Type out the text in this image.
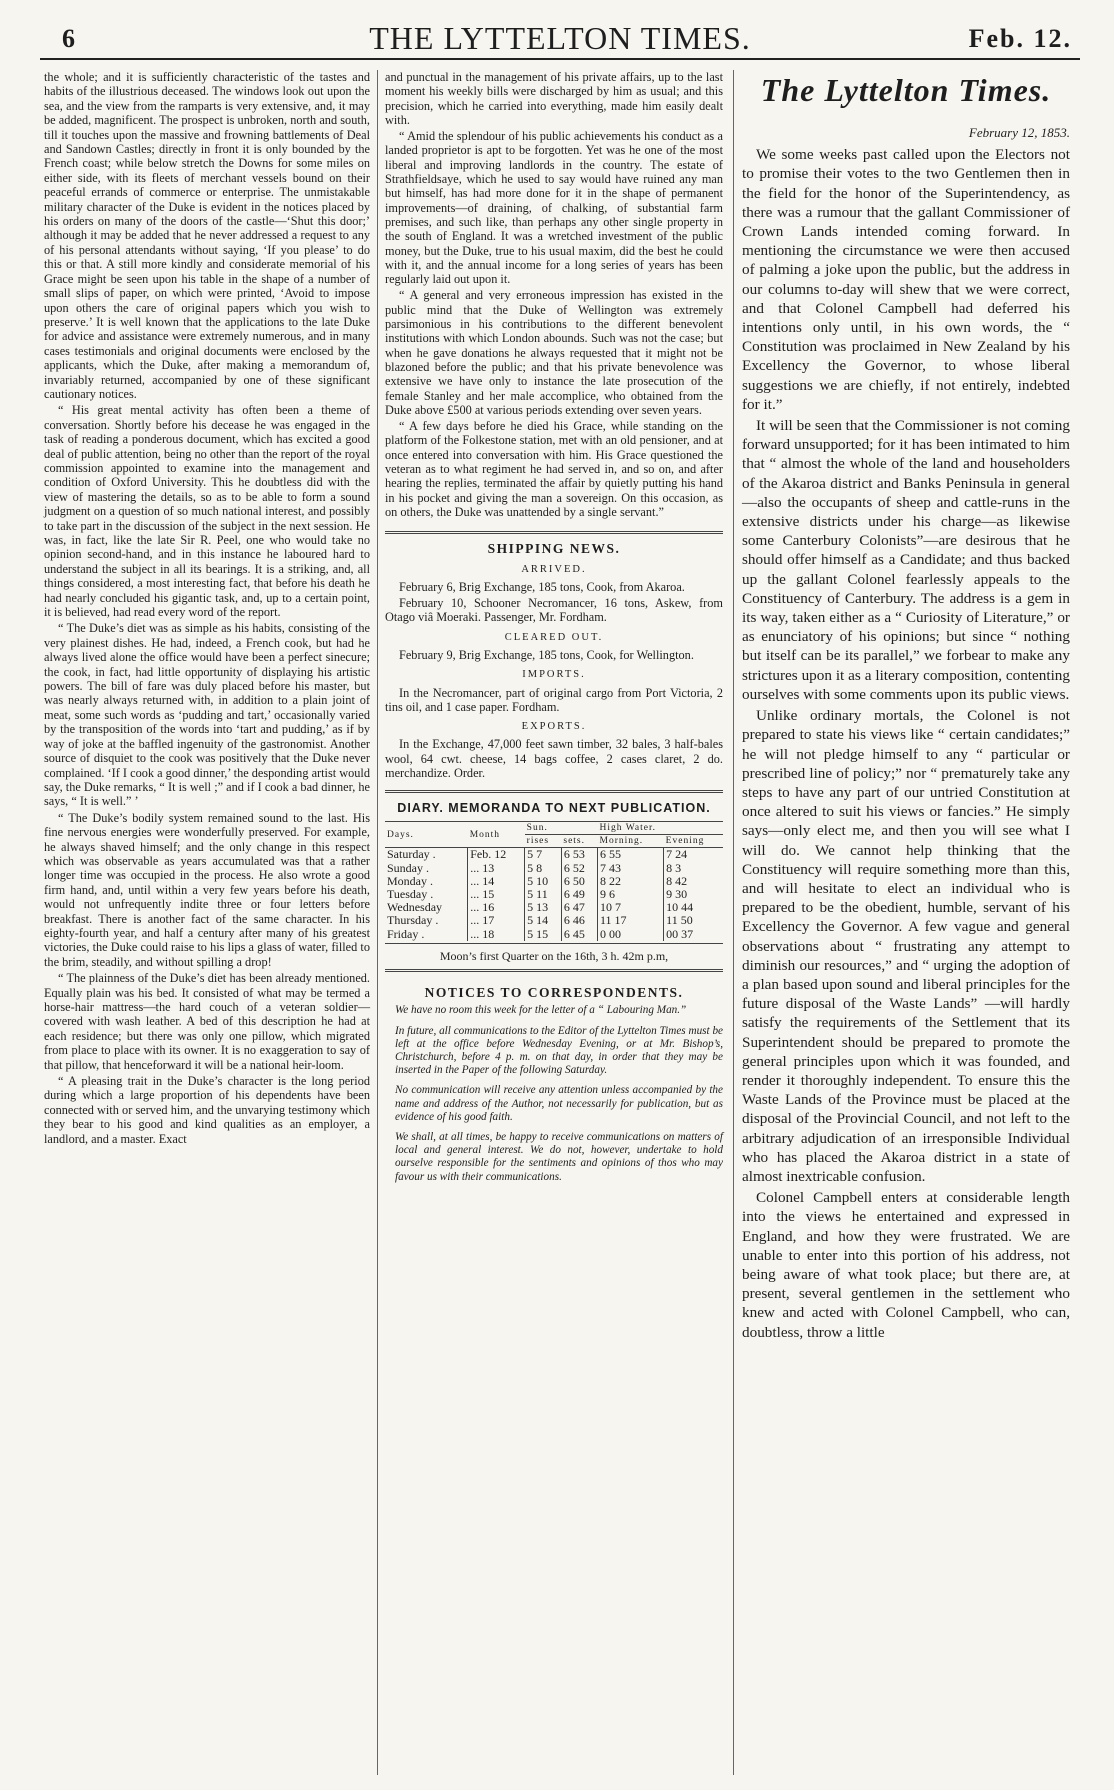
6	THE LYTTELTON TIMES.	Feb. 12.

the whole; and it is sufficiently characteristic of the tastes and habits of the illustrious deceased. The windows look out upon the sea, and the view from the ramparts is very extensive, and, it may be added, magnificent. The prospect is unbroken, north and south, till it touches upon the massive and frowning battlements of Deal and Sandown Castles; directly in front it is only bounded by the French coast; while below stretch the Downs for some miles on either side, with its fleets of merchant vessels bound on their peaceful errands of commerce or enterprise. The unmistakable military character of the Duke is evident in the notices placed by his orders on many of the doors of the castle—‘Shut this door;’ although it may be added that he never addressed a request to any of his personal attendants without saying, ‘If you please’ to do this or that. A still more kindly and considerate memorial of his Grace might be seen upon his table in the shape of a number of small slips of paper, on which were printed, ‘Avoid to impose upon others the care of original papers which you wish to preserve.’ It is well known that the applications to the late Duke for advice and assistance were extremely numerous, and in many cases testimonials and original documents were enclosed by the applicants, which the Duke, after making a memorandum of, invariably returned, accompanied by one of these significant cautionary notices.

“ His great mental activity has often been a theme of conversation. Shortly before his decease he was engaged in the task of reading a ponderous document, which has excited a good deal of public attention, being no other than the report of the royal commission appointed to examine into the management and condition of Oxford University. This he doubtless did with the view of mastering the details, so as to be able to form a sound judgment on a question of so much national interest, and possibly to take part in the discussion of the subject in the next session. He was, in fact, like the late Sir R. Peel, one who would take no opinion second-hand, and in this instance he laboured hard to understand the subject in all its bearings. It is a striking, and, all things considered, a most interesting fact, that before his death he had nearly concluded his gigantic task, and, up to a certain point, it is believed, had read every word of the report.

“ The Duke’s diet was as simple as his habits, consisting of the very plainest dishes. He had, indeed, a French cook, but had he always lived alone the office would have been a perfect sinecure; the cook, in fact, had little opportunity of displaying his artistic powers. The bill of fare was duly placed before his master, but was nearly always returned with, in addition to a plain joint of meat, some such words as ‘pudding and tart,’ occasionally varied by the transposition of the words into ‘tart and pudding,’ as if by way of joke at the baffled ingenuity of the gastronomist. Another source of disquiet to the cook was positively that the Duke never complained. ‘If I cook a good dinner,’ the desponding artist would say, the Duke remarks, “ It is well ;” and if I cook a bad dinner, he says, “ It is well.” ’

“ The Duke’s bodily system remained sound to the last. His fine nervous energies were wonderfully preserved. For example, he always shaved himself; and the only change in this respect which was observable as years accumulated was that a rather longer time was occupied in the process. He also wrote a good firm hand, and, until within a very few years before his death, would not unfrequently indite three or four letters before breakfast. There is another fact of the same character. In his eighty-fourth year, and half a century after many of his greatest victories, the Duke could raise to his lips a glass of water, filled to the brim, steadily, and without spilling a drop!

“ The plainness of the Duke’s diet has been already mentioned. Equally plain was his bed. It consisted of what may be termed a horse-hair mattress—the hard couch of a veteran soldier—covered with wash leather. A bed of this description he had at each residence; but there was only one pillow, which migrated from place to place with its owner. It is no exaggeration to say of that pillow, that henceforward it will be a national heir-loom.

“ A pleasing trait in the Duke’s character is the long period during which a large proportion of his dependents have been connected with or served him, and the unvarying testimony which they bear to his good and kind qualities as an employer, a landlord, and a master. Exact

and punctual in the management of his private affairs, up to the last moment his weekly bills were discharged by him as usual; and this precision, which he carried into everything, made him easily dealt with.

“ Amid the splendour of his public achievements his conduct as a landed proprietor is apt to be forgotten. Yet was he one of the most liberal and improving landlords in the country. The estate of Strathfieldsaye, which he used to say would have ruined any man but himself, has had more done for it in the shape of permanent improvements—of draining, of chalking, of substantial farm premises, and such like, than perhaps any other single property in the south of England. It was a wretched investment of the public money, but the Duke, true to his usual maxim, did the best he could with it, and the annual income for a long series of years has been regularly laid out upon it.

“ A general and very erroneous impression has existed in the public mind that the Duke of Wellington was extremely parsimonious in his contributions to the different benevolent institutions with which London abounds. Such was not the case; but when he gave donations he always requested that it might not be blazoned before the public; and that his private benevolence was extensive we have only to instance the late prosecution of the female Stanley and her male accomplice, who obtained from the Duke above £500 at various periods extending over seven years.

“ A few days before he died his Grace, while standing on the platform of the Folkestone station, met with an old pensioner, and at once entered into conversation with him. His Grace questioned the veteran as to what regiment he had served in, and so on, and after hearing the replies, terminated the affair by quietly putting his hand in his pocket and giving the man a sovereign. On this occasion, as on others, the Duke was unattended by a single servant.”

SHIPPING NEWS.
ARRIVED.

February 6, Brig Exchange, 185 tons, Cook, from Akaroa.

February 10, Schooner Necromancer, 16 tons, Askew, from Otago viâ Moeraki. Passenger, Mr. Fordham.

CLEARED OUT.

February 9, Brig Exchange, 185 tons, Cook, for Wellington.

IMPORTS.

In the Necromancer, part of original cargo from Port Victoria, 2 tins oil, and 1 case paper. Fordham.

EXPORTS.

In the Exchange, 47,000 feet sawn timber, 32 bales, 3 half-bales wool, 64 cwt. cheese, 14 bags coffee, 2 cases claret, 2 do. merchandize. Order.

DIARY. MEMORANDA TO NEXT PUBLICATION.
Days.	Month	Sun.		High Water.	
		rises	sets.	Morning.	Evening
Saturday .	Feb. 12	5 7	6 53	6 55	7 24
Sunday .	... 13	5 8	6 52	7 43	8 3
Monday .	... 14	5 10	6 50	8 22	8 42
Tuesday .	... 15	5 11	6 49	9 6	9 30
Wednesday	... 16	5 13	6 47	10 7	10 44
Thursday .	... 17	5 14	6 46	11 17	11 50
Friday .	... 18	5 15	6 45	0 00	00 37
Moon’s first Quarter on the 16th, 3 h. 42m p.m,
NOTICES TO CORRESPONDENTS.

We have no room this week for the letter of a “ Labouring Man.”

In future, all communications to the Editor of the Lyttelton Times must be left at the office before Wednesday Evening, or at Mr. Bishop’s, Christchurch, before 4 p. m. on that day, in order that they may be inserted in the Paper of the following Saturday.

No communication will receive any attention unless accompanied by the name and address of the Author, not necessarily for publication, but as evidence of his good faith.

We shall, at all times, be happy to receive communications on matters of local and general interest. We do not, however, undertake to hold ourselve responsible for the sentiments and opinions of thos who may favour us with their communications.

The Lyttelton Times.
February 12, 1853.

We some weeks past called upon the Electors not to promise their votes to the two Gentlemen then in the field for the honor of the Superintendency, as there was a rumour that the gallant Commissioner of Crown Lands intended coming forward. In mentioning the circumstance we were then accused of palming a joke upon the public, but the address in our columns to-day will shew that we were correct, and that Colonel Campbell had deferred his intentions only until, in his own words, the “ Constitution was proclaimed in New Zealand by his Excellency the Governor, to whose liberal suggestions we are chiefly, if not entirely, indebted for it.”

It will be seen that the Commissioner is not coming forward unsupported; for it has been intimated to him that “ almost the whole of the land and householders of the Akaroa district and Banks Peninsula in general—also the occupants of sheep and cattle-runs in the extensive districts under his charge—as likewise some Canterbury Colonists”—are desirous that he should offer himself as a Candidate; and thus backed up the gallant Colonel fearlessly appeals to the Constituency of Canterbury. The address is a gem in its way, taken either as a “ Curiosity of Literature,” or as enunciatory of his opinions; but since “ nothing but itself can be its parallel,” we forbear to make any strictures upon it as a literary composition, contenting ourselves with some comments upon its public views.

Unlike ordinary mortals, the Colonel is not prepared to state his views like “ certain candidates;” he will not pledge himself to any “ particular or prescribed line of policy;” nor “ prematurely take any steps to have any part of our untried Constitution at once altered to suit his views or fancies.” He simply says—only elect me, and then you will see what I will do. We cannot help thinking that the Constituency will require something more than this, and will hesitate to elect an individual who is prepared to be the obedient, humble, servant of his Excellency the Governor. A few vague and general observations about “ frustrating any attempt to diminish our resources,” and “ urging the adoption of a plan based upon sound and liberal principles for the future disposal of the Waste Lands” —will hardly satisfy the requirements of the Settlement that its Superintendent should be prepared to promote the general principles upon which it was founded, and render it thoroughly independent. To ensure this the Waste Lands of the Province must be placed at the disposal of the Provincial Council, and not left to the arbitrary adjudication of an irresponsible Individual who has placed the Akaroa district in a state of almost inextricable confusion.

Colonel Campbell enters at considerable length into the views he entertained and expressed in England, and how they were frustrated. We are unable to enter into this portion of his address, not being aware of what took place; but there are, at present, several gentlemen in the settlement who knew and acted with Colonel Campbell, who can, doubtless, throw a little
